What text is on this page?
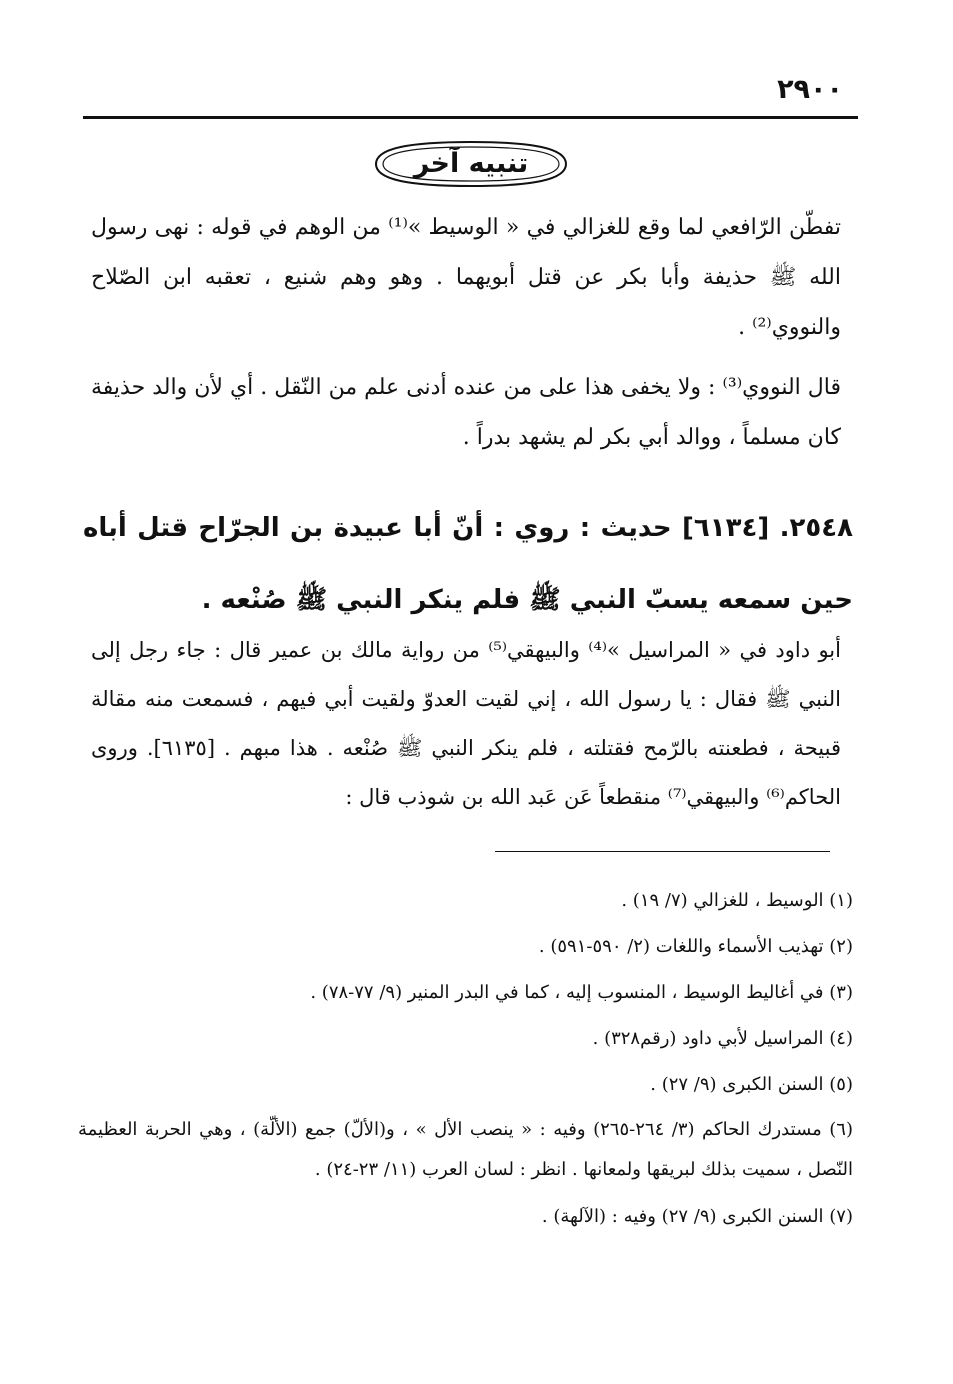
٢٩٠٠
تنبيه آخر
تفطّن الرّافعي لما وقع للغزالي في « الوسيط »⁽¹⁾ من الوهم في قوله : نهى رسول الله ﷺ حذيفة وأبا بكر عن قتل أبويهما . وهو وهم شنيع ، تعقبه ابن الصّلاح والنووي⁽²⁾ .
قال النووي⁽³⁾ : ولا يخفى هذا على من عنده أدنى علم من النّقل . أي لأن والد حذيفة كان مسلماً ، ووالد أبي بكر لم يشهد بدراً .
٢٥٤٨. [٦١٣٤] حديث : روي : أنّ أبا عبيدة بن الجرّاح قتل أباه حين سمعه يسبّ النبي ﷺ فلم ينكر النبي ﷺ صُنْعه .
أبو داود في « المراسيل »⁽⁴⁾ والبيهقي⁽⁵⁾ من رواية مالك بن عمير قال : جاء رجل إلى النبي ﷺ فقال : يا رسول الله ، إني لقيت العدوّ ولقيت أبي فيهم ، فسمعت منه مقالة قبيحة ، فطعنته بالرّمح فقتلته ، فلم ينكر النبي ﷺ صُنْعه . هذا مبهم . [٦١٣٥]. وروى الحاكم⁽⁶⁾ والبيهقي⁽⁷⁾ منقطعاً عَن عَبد الله بن شوذب قال :
(١) الوسيط ، للغزالي (٧/ ١٩) .
(٢) تهذيب الأسماء واللغات (٢/ ٥٩٠-٥٩١) .
(٣) في أغاليط الوسيط ، المنسوب إليه ، كما في البدر المنير (٩/ ٧٧-٧٨) .
(٤) المراسيل لأبي داود (رقم٣٢٨) .
(٥) السنن الكبرى (٩/ ٢٧) .
(٦) مستدرك الحاكم (٣/ ٢٦٤-٢٦٥) وفيه : « ينصب الأل » ، و(الألّ) جمع (الألّة) ، وهي الحربة العظيمة النّصل ، سميت بذلك لبريقها ولمعانها . انظر : لسان العرب (١١/ ٢٣-٢٤) .
(٧) السنن الكبرى (٩/ ٢٧) وفيه : (الآلهة) .
